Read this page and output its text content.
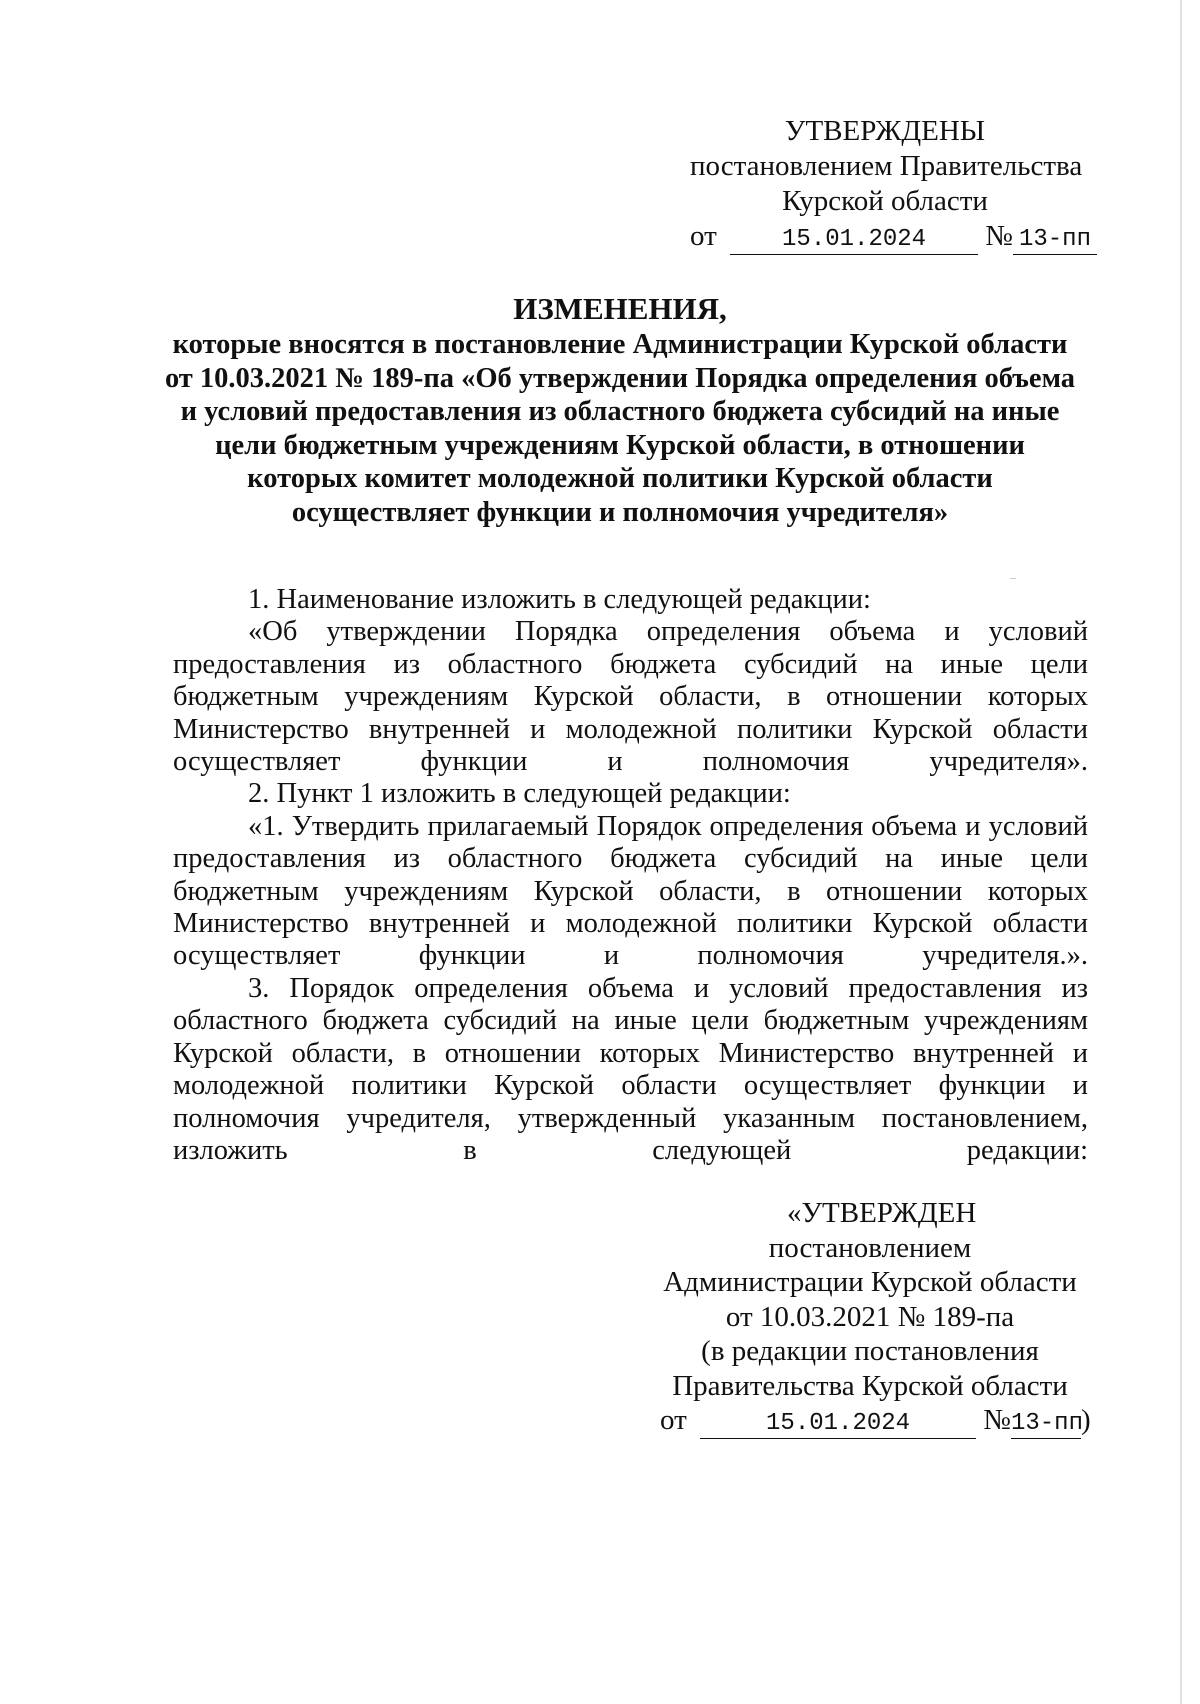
УТВЕРЖДЕНЫ
постановлением Правительства
Курской области
от	15.01.2024 № 13-пп
ИЗМЕНЕНИЯ,
которые вносятся в постановление Администрации Курской области
от 10.03.2021 № 189-па «Об утверждении Порядка определения объема
и условий предоставления из областного бюджета субсидий на иные
цели бюджетным учреждениям Курской области, в отношении
которых комитет молодежной политики Курской области
осуществляет функции и полномочия учредителя»

1. Наименование изложить в следующей редакции:

«Об утверждении Порядка определения объема и условий предоставления из областного бюджета субсидий на иные цели бюджетным учреждениям Курской области, в отношении которых Министерство внутренней и молодежной политики Курской области осуществляет функции и полномочия учредителя».

2. Пункт 1 изложить в следующей редакции:

«1. Утвердить прилагаемый Порядок определения объема и условий предоставления из областного бюджета субсидий на иные цели бюджетным учреждениям Курской области, в отношении которых Министерство внутренней и молодежной политики Курской области осуществляет функции и полномочия учредителя.».

3. Порядок определения объема и условий предоставления из областного бюджета субсидий на иные цели бюджетным учреждениям Курской области, в отношении которых Министерство внутренней и молодежной политики Курской области осуществляет функции и полномочия учредителя, утвержденный указанным постановлением, изложить в следующей редакции:

«УТВЕРЖДЕН
постановлением
Администрации Курской области
от 10.03.2021 № 189-па
(в редакции постановления
Правительства Курской области
от	15.01.2024	№13-пп)
